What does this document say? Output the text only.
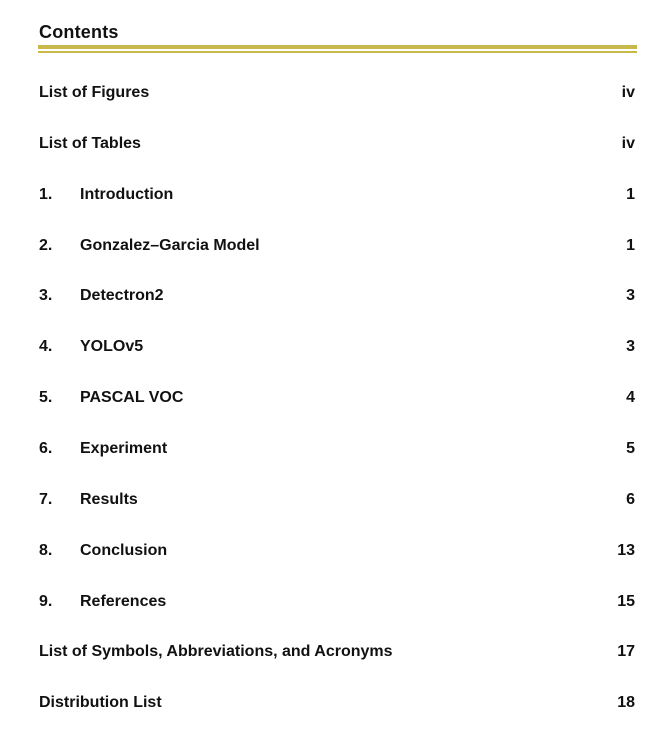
Contents
List of Figures	iv
List of Tables	iv
1. Introduction	1
2. Gonzalez–Garcia Model	1
3. Detectron2	3
4. YOLOv5	3
5. PASCAL VOC	4
6. Experiment	5
7. Results	6
8. Conclusion	13
9. References	15
List of Symbols, Abbreviations, and Acronyms	17
Distribution List	18
